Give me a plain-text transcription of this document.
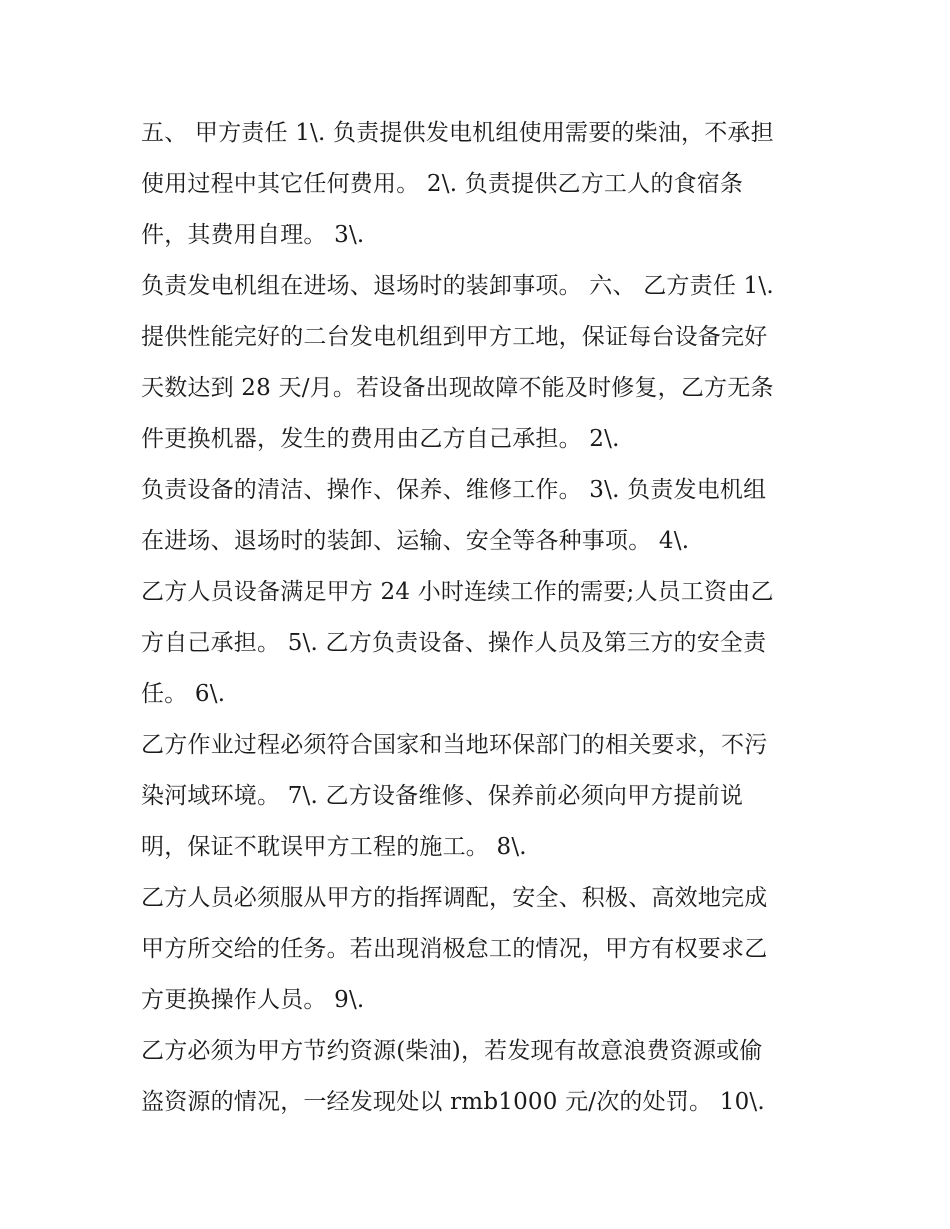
五、 甲方责任 1\. 负责提供发电机组使用需要的柴油，不承担
使用过程中其它任何费用。 2\. 负责提供乙方工人的食宿条
件，其费用自理。 3\.

负责发电机组在进场、退场时的装卸事项。 六、 乙方责任 1\.
提供性能完好的二台发电机组到甲方工地，保证每台设备完好
天数达到 28 天/月。若设备出现故障不能及时修复，乙方无条
件更换机器，发生的费用由乙方自己承担。 2\.

负责设备的清洁、操作、保养、维修工作。 3\. 负责发电机组
在进场、退场时的装卸、运输、安全等各种事项。 4\.

乙方人员设备满足甲方 24 小时连续工作的需要;人员工资由乙
方自己承担。 5\. 乙方负责设备、操作人员及第三方的安全责
任。 6\.

乙方作业过程必须符合国家和当地环保部门的相关要求，不污
染河域环境。 7\. 乙方设备维修、保养前必须向甲方提前说
明，保证不耽误甲方工程的施工。 8\.

乙方人员必须服从甲方的指挥调配，安全、积极、高效地完成
甲方所交给的任务。若出现消极怠工的情况，甲方有权要求乙
方更换操作人员。 9\.

乙方必须为甲方节约资源(柴油)，若发现有故意浪费资源或偷
盗资源的情况，一经发现处以 rmb1000 元/次的处罚。 10\.
